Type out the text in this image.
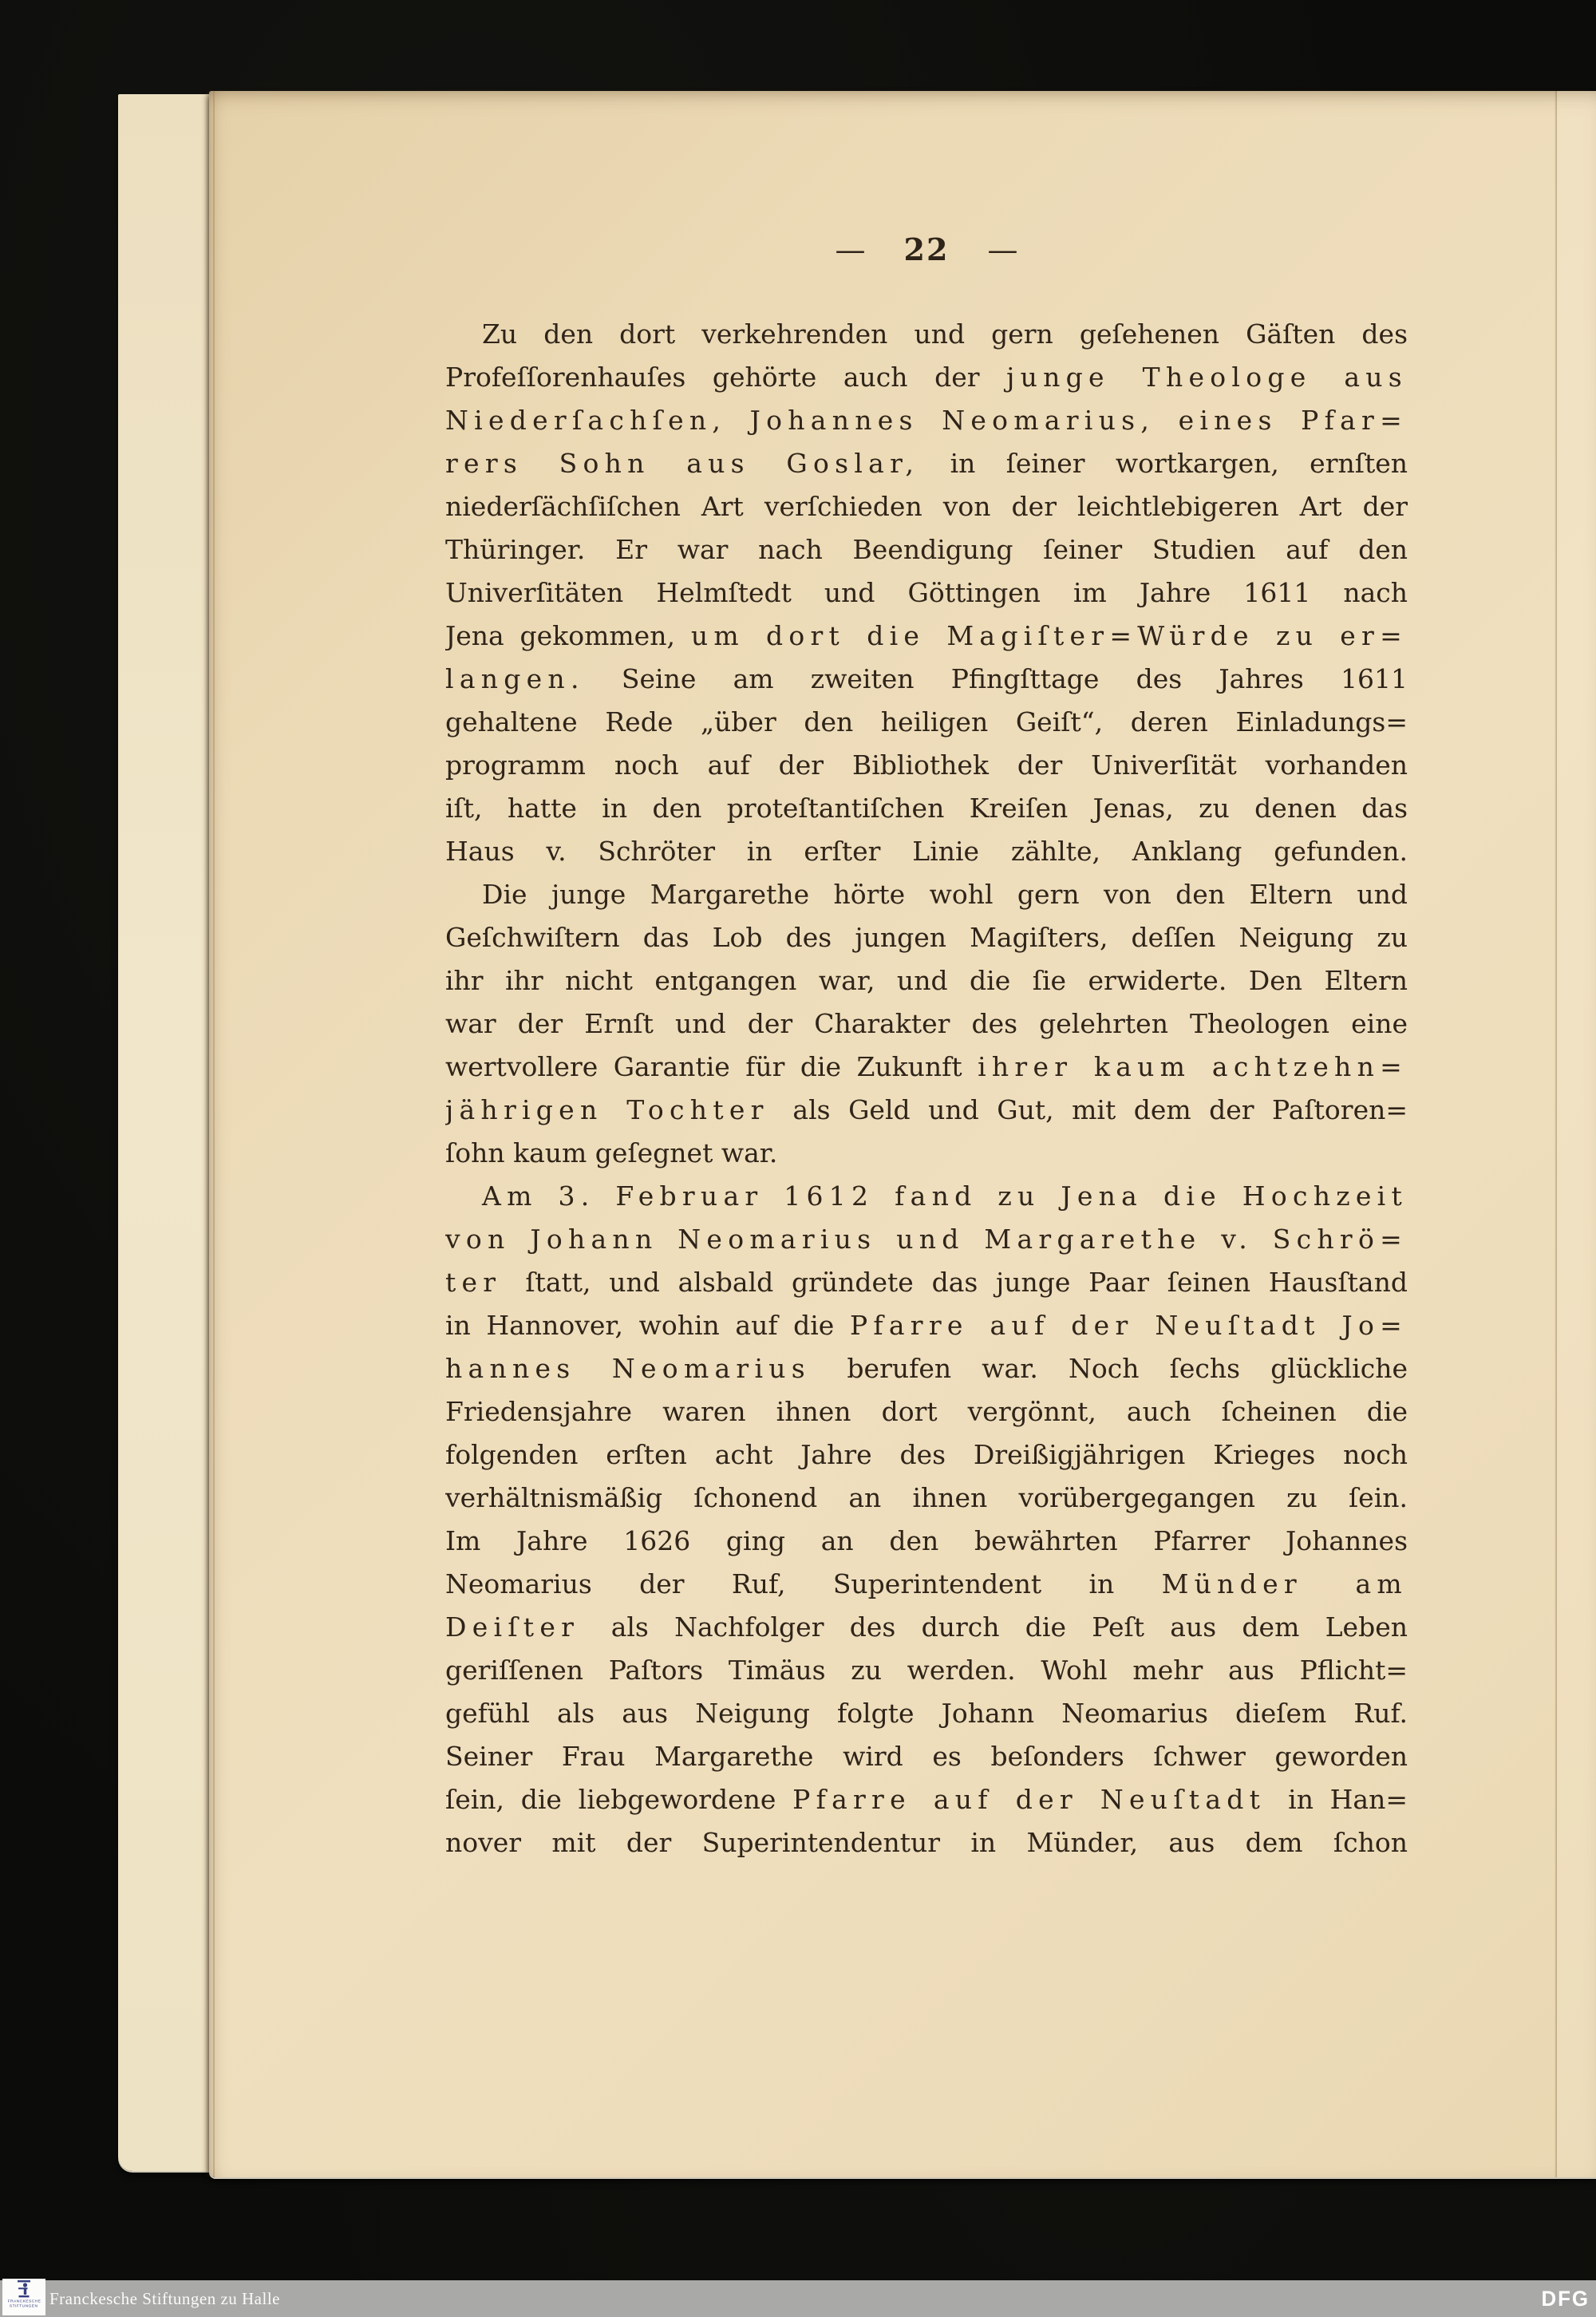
— 22 —
Zu den dort verkehrenden und gern geſehenen Gäſten des
Profeſſorenhauſes gehörte auch der junge Theologe aus
Niederſachſen, Johannes Neomarius, eines Pfar=
rers Sohn aus Goslar, in ſeiner wortkargen, ernſten
niederſächſiſchen Art verſchieden von der leichtlebigeren Art der
Thüringer. Er war nach Beendigung ſeiner Studien auf den
Univerſitäten Helmſtedt und Göttingen im Jahre 1611 nach
Jena gekommen, um dort die Magiſter=Würde zu er=
langen. Seine am zweiten Pfingſttage des Jahres 1611
gehaltene Rede „über den heiligen Geiſt“, deren Einladungs=
programm noch auf der Bibliothek der Univerſität vorhanden
iſt, hatte in den proteſtantiſchen Kreiſen Jenas, zu denen das
Haus v. Schröter in erſter Linie zählte, Anklang gefunden.
Die junge Margarethe hörte wohl gern von den Eltern und
Geſchwiſtern das Lob des jungen Magiſters, deſſen Neigung zu
ihr ihr nicht entgangen war, und die ſie erwiderte. Den Eltern
war der Ernſt und der Charakter des gelehrten Theologen eine
wertvollere Garantie für die Zukunft ihrer kaum achtzehn=
jährigen Tochter als Geld und Gut, mit dem der Paſtoren=
ſohn kaum geſegnet war.
Am 3. Februar 1612 fand zu Jena die Hochzeit
von Johann Neomarius und Margarethe v. Schrö=
ter ſtatt, und alsbald gründete das junge Paar ſeinen Hausſtand
in Hannover, wohin auf die Pfarre auf der Neuſtadt Jo=
hannes Neomarius berufen war. Noch ſechs glückliche
Friedensjahre waren ihnen dort vergönnt, auch ſcheinen die
folgenden erſten acht Jahre des Dreißigjährigen Krieges noch
verhältnismäßig ſchonend an ihnen vorübergegangen zu ſein.
Im Jahre 1626 ging an den bewährten Pfarrer Johannes
Neomarius der Ruf, Superintendent in Münder am
Deiſter als Nachfolger des durch die Peſt aus dem Leben
geriſſenen Paſtors Timäus zu werden. Wohl mehr aus Pflicht=
gefühl als aus Neigung folgte Johann Neomarius dieſem Ruf.
Seiner Frau Margarethe wird es beſonders ſchwer geworden
ſein, die liebgewordene Pfarre auf der Neuſtadt in Han=
nover mit der Superintendentur in Münder, aus dem ſchon
Franckesche Stiftungen zu Halle	DFG
FRANCKESCHE
STIFTUNGEN
